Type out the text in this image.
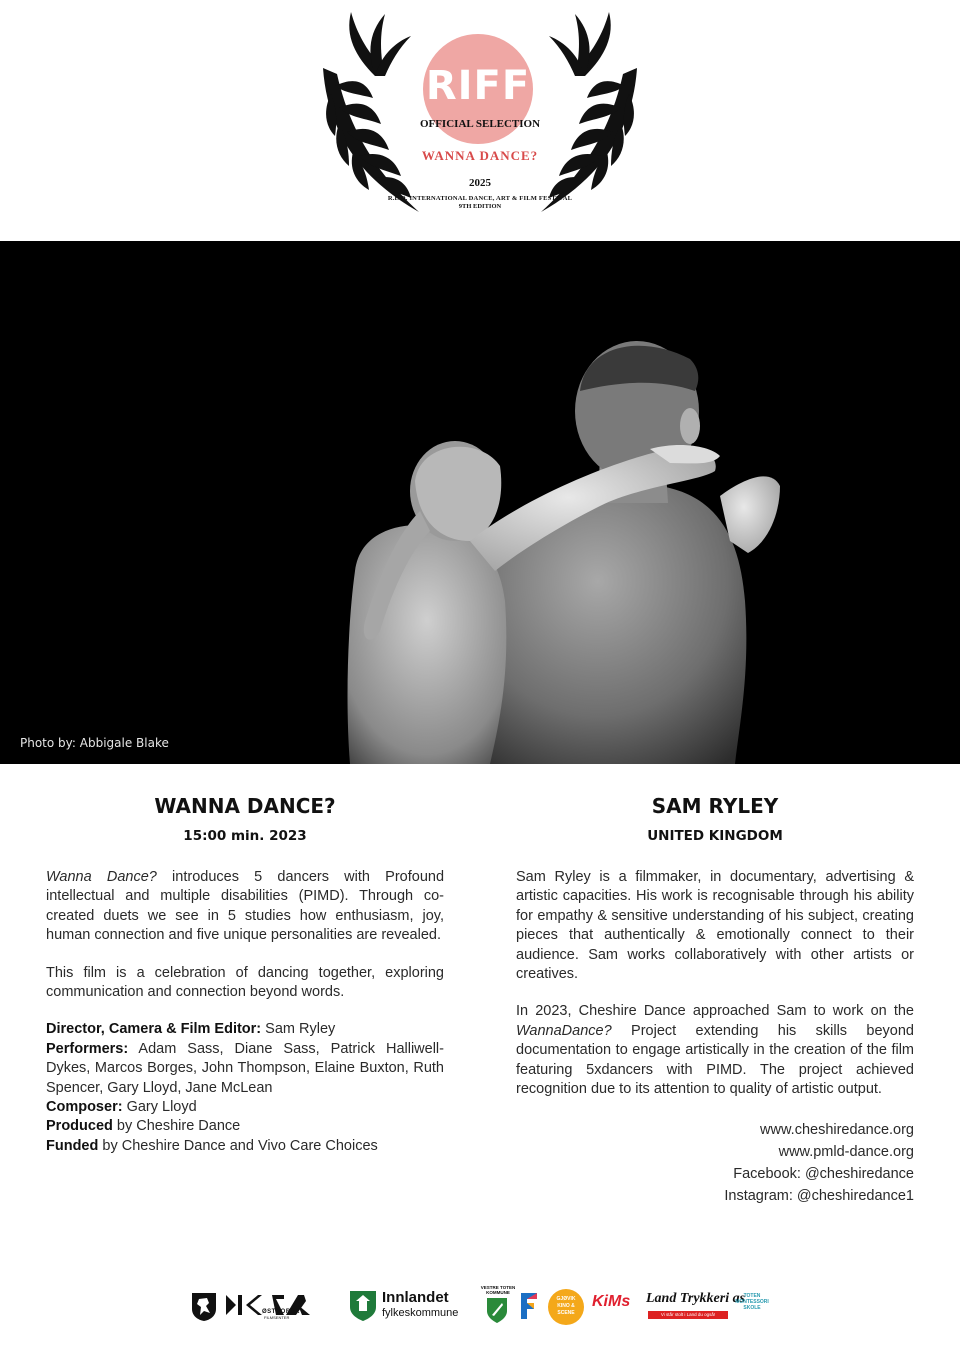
RIFF
OFFICIAL SELECTION
WANNA DANCE?
2025
R.E.D. INTERNATIONAL DANCE, ART & FILM FESTIVAL
9TH EDITION
Photo by: Abbigale Blake
WANNA DANCE?
15:00 min. 2023

Wanna Dance? introduces 5 dancers with Profound intellectual and multiple disabilities (PIMD). Through co-created duets we see in 5 studies how enthusiasm, joy, human connection and five unique personalities are revealed.

This film is a celebration of dancing together, exploring communication and connection beyond words.

Director, Camera & Film Editor: Sam Ryley
Performers: Adam Sass, Diane Sass, Patrick Halliwell-Dykes, Marcos Borges, John Thompson, Elaine Buxton, Ruth Spencer, Gary Lloyd, Jane McLean
Composer: Gary Lloyd
Produced by Cheshire Dance
Funded by Cheshire Dance and Vivo Care Choices
SAM RYLEY
UNITED KINGDOM

Sam Ryley is a filmmaker, in documentary, advertising & artistic capacities. His work is recognisable through his ability for empathy & sensitive understanding of his subject, creating pieces that authentically & emotionally connect to their audience. Sam works collaboratively with other artists or creatives.

In 2023, Cheshire Dance approached Sam to work on the WannaDance? Project extending his skills beyond documentation to engage artistically in the creation of the film featuring 5xdancers with PIMD. The project achieved recognition due to its attention to quality of artistic output.

www.cheshiredance.org
www.pmld-dance.org
Facebook: @cheshiredance
Instagram: @cheshiredance1
ØSTNORSK
FILMSENTER
Innlandet
fylkeskommune
VESTRE TOTEN KOMMUNE
GJØVIK
KINO &
SCENE
KiMs Land Trykkeri as
Vi står stolt i Land du også!
TOTEN
MONTESSORI
SKOLE
